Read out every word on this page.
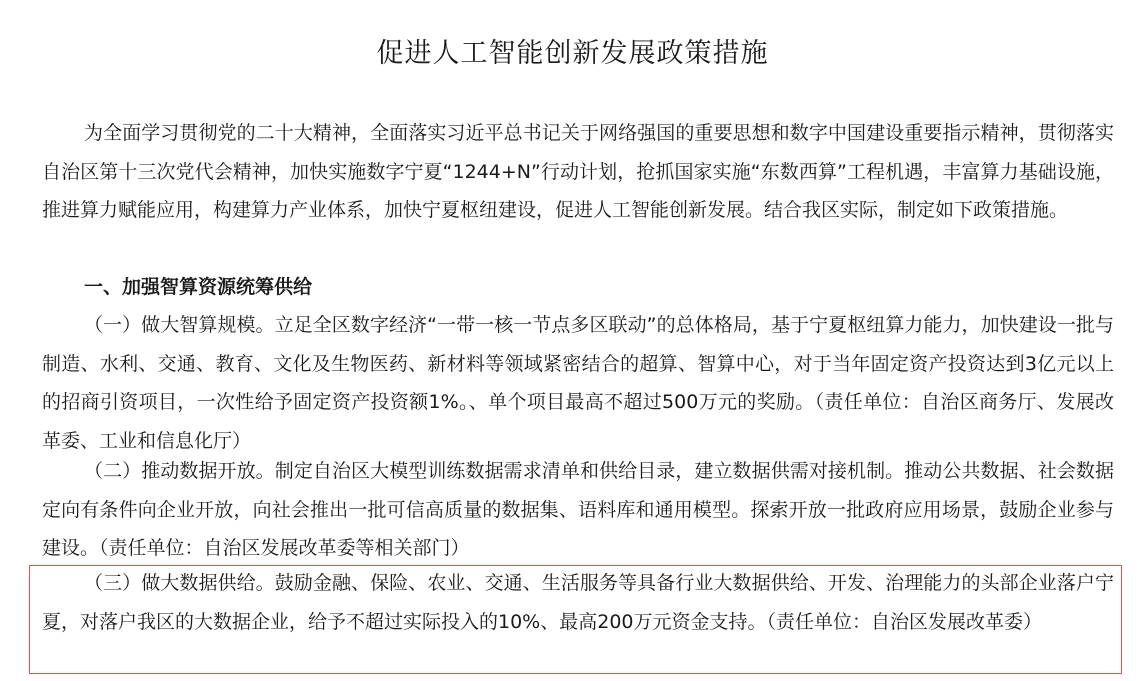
促进人工智能创新发展政策措施

为全面学习贯彻党的二十大精神，全面落实习近平总书记关于网络强国的重要思想和数字中国建设重要指示精神，贯彻落实自治区第十三次党代会精神，加快实施数字宁夏“1244+N”行动计划，抢抓国家实施“东数西算”工程机遇，丰富算力基础设施，推进算力赋能应用，构建算力产业体系，加快宁夏枢纽建设，促进人工智能创新发展。结合我区实际，制定如下政策措施。

一、加强智算资源统筹供给

（一）做大智算规模。立足全区数字经济“一带一核一节点多区联动”的总体格局，基于宁夏枢纽算力能力，加快建设一批与制造、水利、交通、教育、文化及生物医药、新材料等领域紧密结合的超算、智算中心，对于当年固定资产投资达到3亿元以上的招商引资项目，一次性给予固定资产投资额1%。、单个项目最高不超过500万元的奖励。（责任单位：自治区商务厅、发展改革委、工业和信息化厅）

（二）推动数据开放。制定自治区大模型训练数据需求清单和供给目录，建立数据供需对接机制。推动公共数据、社会数据定向有条件向企业开放，向社会推出一批可信高质量的数据集、语料库和通用模型。探索开放一批政府应用场景，鼓励企业参与建设。（责任单位：自治区发展改革委等相关部门）

（三）做大数据供给。鼓励金融、保险、农业、交通、生活服务等具备行业大数据供给、开发、治理能力的头部企业落户宁夏，对落户我区的大数据企业，给予不超过实际投入的10%、最高200万元资金支持。（责任单位：自治区发展改革委）
